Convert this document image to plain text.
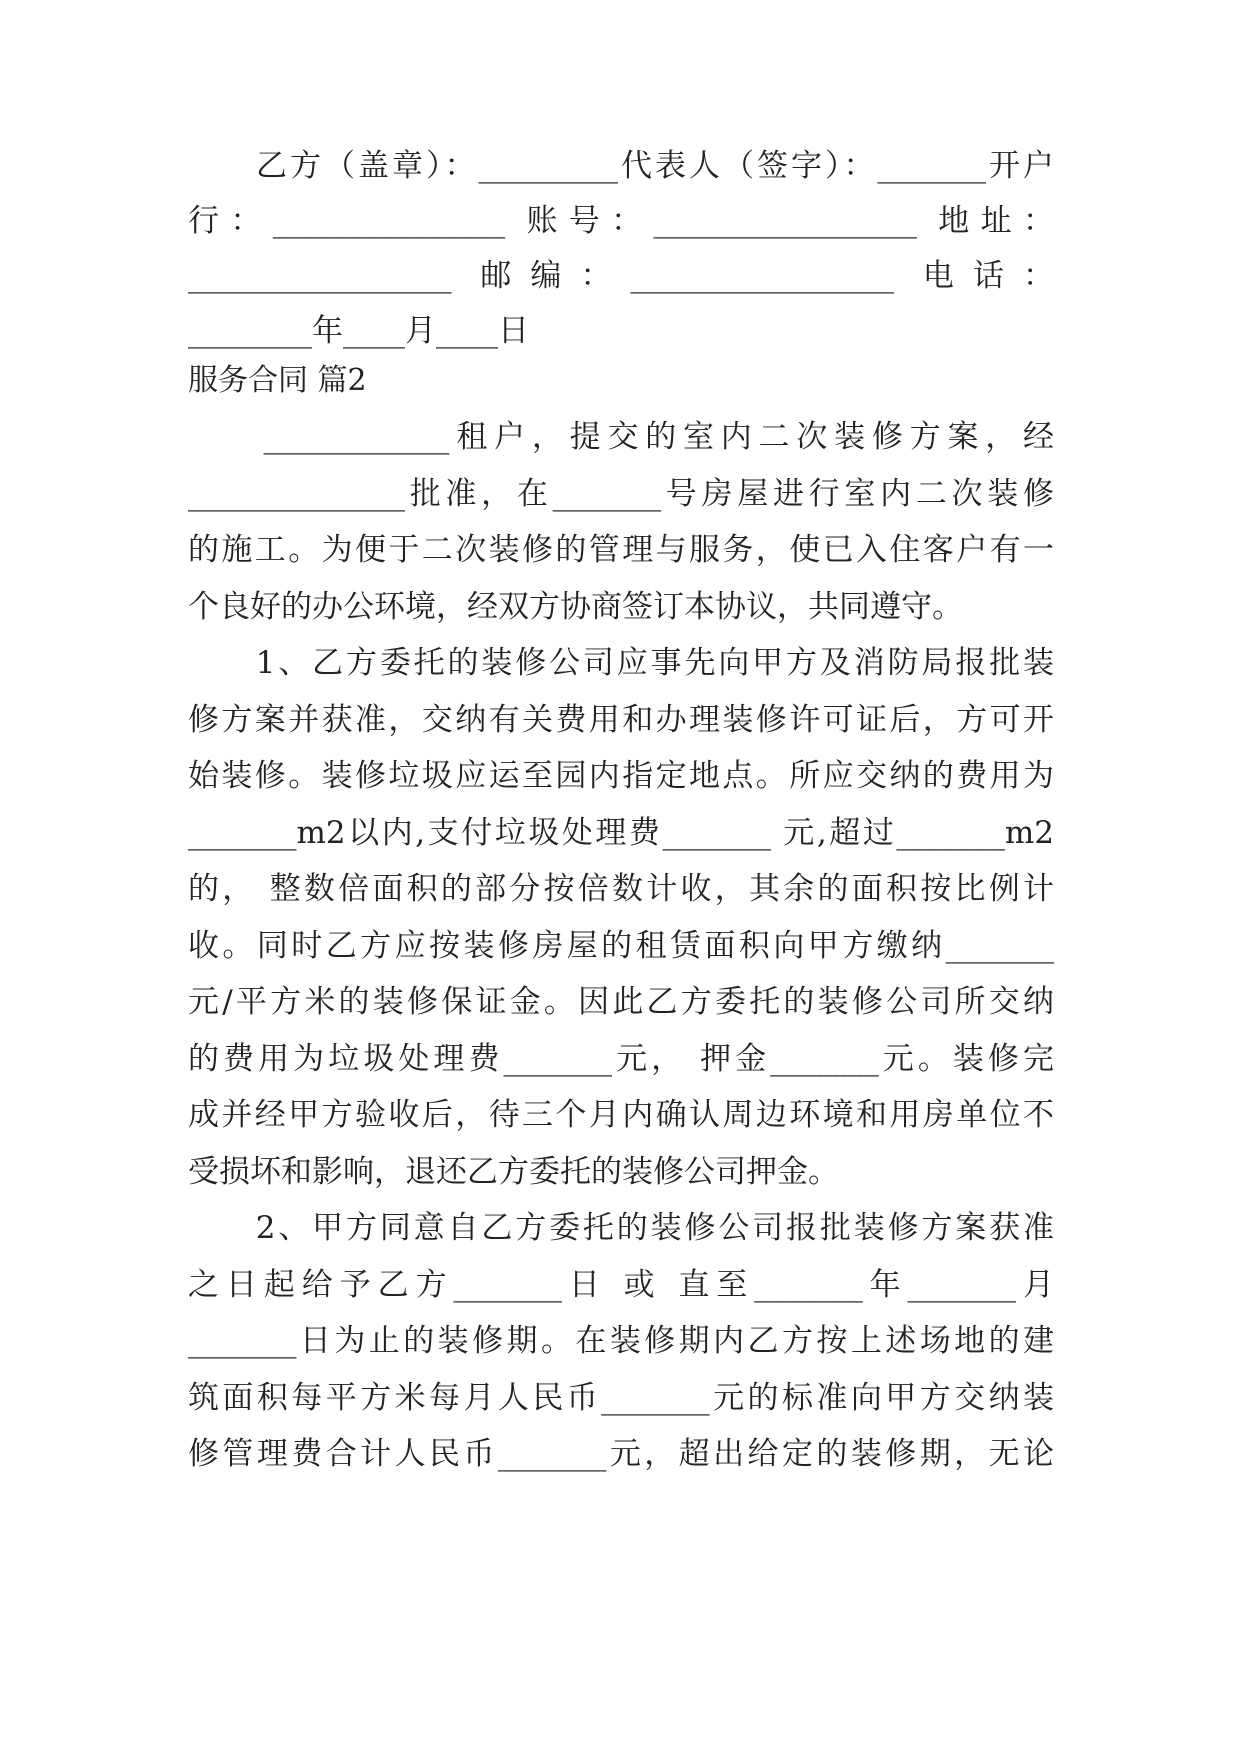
　　乙方（盖章）：_________代表人（签字）：_______开户
行：_______________ 账号：_________________ 地址：
_________________ 邮编：_________________ 电话：
________年____月____日
服务合同 篇2
　　____________租户，提交的室内二次装修方案，经
______________批准，在_______号房屋进行室内二次装修
的施工。为便于二次装修的管理与服务，使已入住客户有一
个良好的办公环境，经双方协商签订本协议，共同遵守。
　　1、乙方委托的装修公司应事先向甲方及消防局报批装
修方案并获准，交纳有关费用和办理装修许可证后，方可开
始装修。装修垃圾应运至园内指定地点。所应交纳的费用为
_______m2以内,支付垃圾处理费_______ 元,超过_______m2
的， 整数倍面积的部分按倍数计收，其余的面积按比例计
收。同时乙方应按装修房屋的租赁面积向甲方缴纳_______
元/平方米的装修保证金。因此乙方委托的装修公司所交纳
的费用为垃圾处理费_______元， 押金_______元。装修完
成并经甲方验收后，待三个月内确认周边环境和用房单位不
受损坏和影响，退还乙方委托的装修公司押金。
　　2、甲方同意自乙方委托的装修公司报批装修方案获准
之日起给予乙方_______日 或 直至_______年_______月
_______日为止的装修期。在装修期内乙方按上述场地的建
筑面积每平方米每月人民币_______元的标准向甲方交纳装
修管理费合计人民币_______元，超出给定的装修期，无论
